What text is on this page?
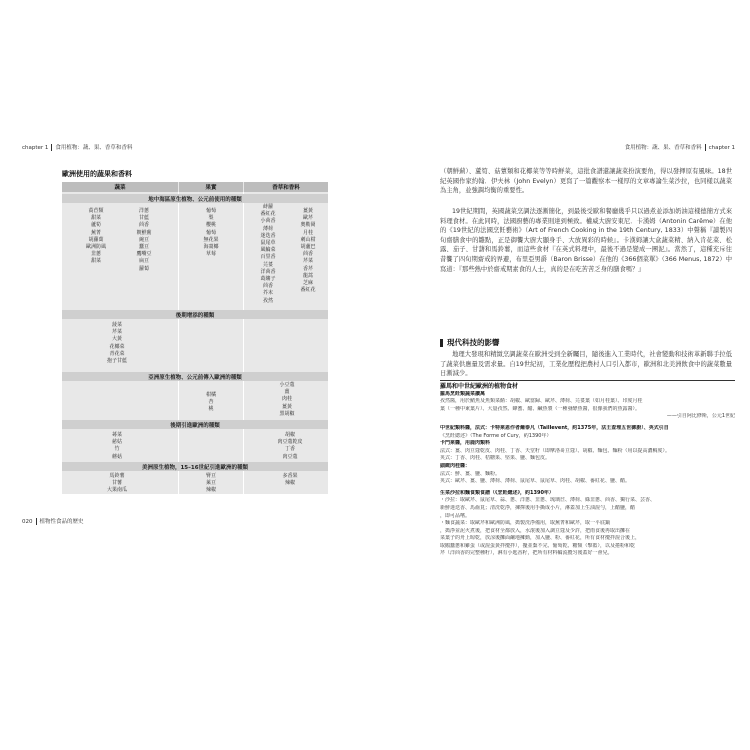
chapter 1 食用植物：蔬、果、香草和香料
歐洲使用的蔬果和香料
蔬菜	果實	香草和香料
地中海區原生植物、公元前使用的種類
萵苣類
甜菜
蘆筍
蕪菁
胡蘿蔔
歐洲防風
韭蔥
甜菜
洋蔥
甘藍
茴香
朝鮮薊
豌豆
蠶豆
鷹嘴豆
扁豆
蘿蔔
葡萄
梨
櫻桃
葡萄
無花果
海棗椰
草莓
蒔蘿
番紅花
小茴香
薄荷
迷迭香
鼠尾草
風輪菜
百里香
芫荽
洋茴香
葛縷子
茴香
芥末
孜然
薑黃
歐芹
奧勒岡
月桂
刺山柑
胡蘆巴
茴香
芹菜
香芹
龍蒿
芝麻
番紅花
後期增添的種類
菠菜
芹菜
大黃
花椰菜
青花菜
抱子甘藍
亞洲原生植物、公元前傳入歐洲的種類
柑橘
杏
桃
小豆蔻
薑
肉桂
薑黃
黑胡椒
後期引進歐洲的種類
蕁菜
慈姑
竹
蘑菇
胡椒
肉豆蔻乾皮
丁香
肉豆蔻
美洲原生植物，15–16世紀引進歐洲的種類
馬鈴薯
甘薯
大果南瓜
腎豆
萊豆
辣椒
多香果
辣椒
020 植物性食品的歷史
食用植物：蔬、果、香草和香料 chapter 1
（朝鮮薊）、蘆筍、菇蕈類和花椰菜等等時鮮菜，這批食譜還讓蔬菜扮演要角，得以發揮原有風味。18世紀英國作家約翰．伊夫林（John Evelyn）更寫了一篇觀察本一樣厚的文章專論生菜沙拉，也同樣以蔬菜為主角，並強調均衡的重要性。
19世紀期間，英國蔬菜烹調法逐漸簡化，到最後受歐和餐廳幾乎只以過煮並添加奶油這樣德簡方式來料理食材。在此同時，法國廚藝的專業則達到極致。權威大廚安東尼．卡漢姆（Antonin Carême）在他的《19世紀的法國烹飪藝術》（Art of French Cooking in the 19th Century, 1833）中聲稱『讀製四旬齋膳食中的雛點，正是御饗大廚大顯身手、大放異彩的時候』。卡漢姆讓大盒蔬菜精、納入肯花菜、松露、茄子、甘藷和馬鈴薯，而這些食材『在英式料理中，最後不過是變成一團泥』。當然了，這種充斥往昔饗了四旬期齋戒的界避，布里亞男爵（Baron Brisse）在他的《366個菜單》（366 Menus, 1872）中寫道：『那些熱中於齋戒期素食的人士，真的是在吃苦苦乏身的膳食嗎？』
現代科技的影響
地理大發現和精緻烹調蔬菜在歐洲受到全新矚目，隨後進入工業時代，社會變動和技術革新聯手拉低了蔬菜供應量及需求量。自19世紀初，工業化歷程把農村人口引入都市，歐洲和北美洲飲食中的蔬菜數量日漸減少。
羅馬和中世紀歐洲的植物食材
羅馬烹飪類蔬菜讀萬
孜然醬，用於鯖魚及魚類菜餚：胡椒、歐當歸、歐芹、薄荷、芫荽葉（如月桂葉）、印度月桂
葉（一種中東葉片）、大量孜然、蜂蜜、醋、鹹魚漿（一種發酵魚醬，很像我們的魚露醬）。
——引自阿比修斯，公元1世紀
中世紀類料醬，法式：卡特萊恩作者爾泰凡（Taillevent，約1375年，法王查理五世御廚）、英式引自
《烹飪總述》（The Forme of Cury，約1390年）
卡門萊醬，用鹿肉類料
法式：薑、肉豆蔻乾皮、肉桂、丁香、天堂籽（即摩洛哥豆蔻）、胡椒、麵包、麵粉（用以提高濃稠度）。
英式：丁香、肉桂、桔糖果、堅果、鹽、麵包皮。
細緻肉桂醬：
法式：鮮、薑、鹽、麵粉。
英式：歐芹、薑、鹽、薄荷、薄荷、鼠尾草、鼠尾草、肉桂、胡椒、番紅花、鹽、醋。
生菜沙拉和麵食類食譜（《烹飪總述》，約1390年）
・沙拉：取歐芹、鼠尾草、蒜、蔥、洋蔥、韭蔥、琉璃苣、薄荷、綠韭蔥、茴香、獨行菜、芸香、
新鮮迷迭香、馬齒莧；清洗乾淨，揀擇後用手撕成小片，淋蓋加上生油混勻，上醋鹽，醋
，即可品嚐。
・麵食蔬菜：取歐芹和歐洲防風，搗製洗淨備用，取蕪菁和歐芹，取一平底鍋
，搗淨並泥火煮後，把食材全都放入，水滾後加入調豆蔻及少許，把雨食後再取出攤在
菜葉子的舟上晾乾，放涼後攤面鹼地擁動，加入鹽、粉、番紅花，所有食材攪拌混合後上，
取鵝蠶蔥和雞蛋（或混蛋黃拌攪拌），攙並棄不完、葡萄乾、糖類（擊籃），以及捲粉和乾
芹（洋茴香的完整種籽），淋有小匙香籽，把所有材料輪流攪匀後蓋好一會兒。
